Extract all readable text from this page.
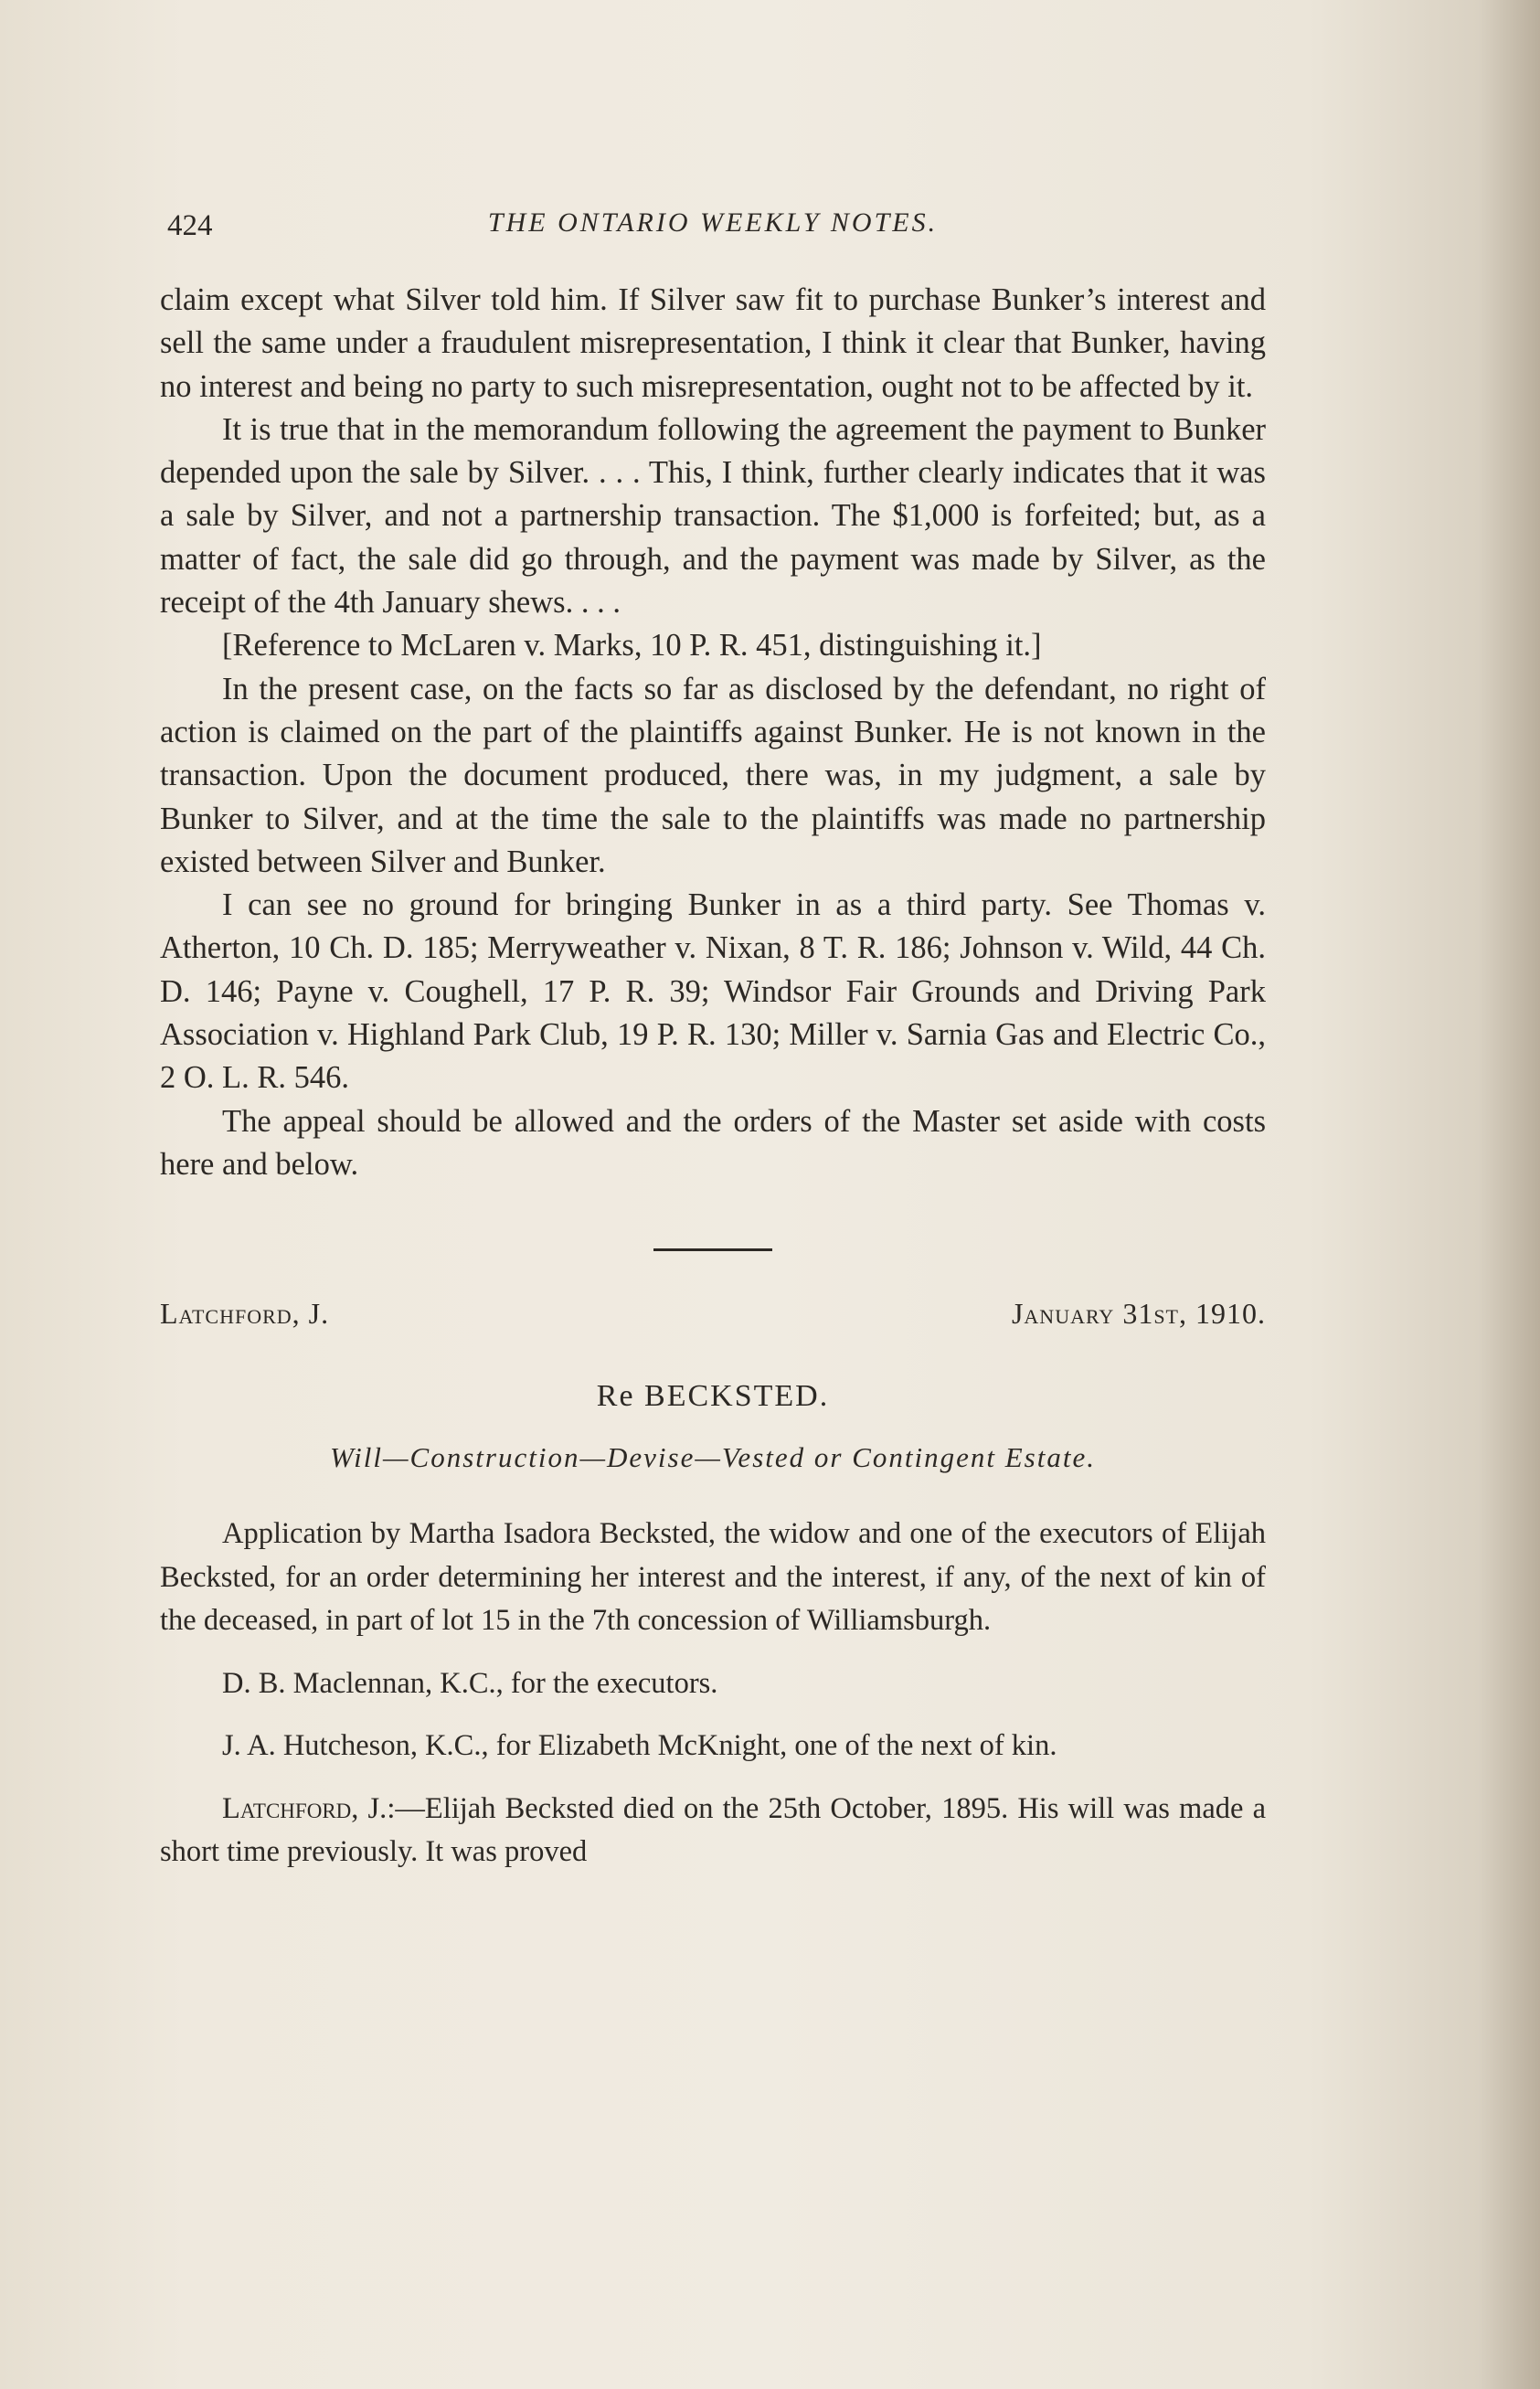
424	THE ONTARIO WEEKLY NOTES.

claim except what Silver told him. If Silver saw fit to purchase Bunker’s interest and sell the same under a fraudulent misrepresentation, I think it clear that Bunker, having no interest and being no party to such misrepresentation, ought not to be affected by it.

It is true that in the memorandum following the agreement the payment to Bunker depended upon the sale by Silver. . . . This, I think, further clearly indicates that it was a sale by Silver, and not a partnership transaction. The $1,000 is forfeited; but, as a matter of fact, the sale did go through, and the payment was made by Silver, as the receipt of the 4th January shews. . . .

[Reference to McLaren v. Marks, 10 P. R. 451, distinguishing it.]

In the present case, on the facts so far as disclosed by the defendant, no right of action is claimed on the part of the plaintiffs against Bunker. He is not known in the transaction. Upon the document produced, there was, in my judgment, a sale by Bunker to Silver, and at the time the sale to the plaintiffs was made no partnership existed between Silver and Bunker.

I can see no ground for bringing Bunker in as a third party. See Thomas v. Atherton, 10 Ch. D. 185; Merryweather v. Nixan, 8 T. R. 186; Johnson v. Wild, 44 Ch. D. 146; Payne v. Coughell, 17 P. R. 39; Windsor Fair Grounds and Driving Park Association v. Highland Park Club, 19 P. R. 130; Miller v. Sarnia Gas and Electric Co., 2 O. L. R. 546.

The appeal should be allowed and the orders of the Master set aside with costs here and below.

Latchford, J.	January 31st, 1910.
Re BECKSTED.
Will—Construction—Devise—Vested or Contingent Estate.

Application by Martha Isadora Becksted, the widow and one of the executors of Elijah Becksted, for an order determining her interest and the interest, if any, of the next of kin of the deceased, in part of lot 15 in the 7th concession of Williamsburgh.

D. B. Maclennan, K.C., for the executors.

J. A. Hutcheson, K.C., for Elizabeth McKnight, one of the next of kin.

Latchford, J.:—Elijah Becksted died on the 25th October, 1895. His will was made a short time previously. It was proved
